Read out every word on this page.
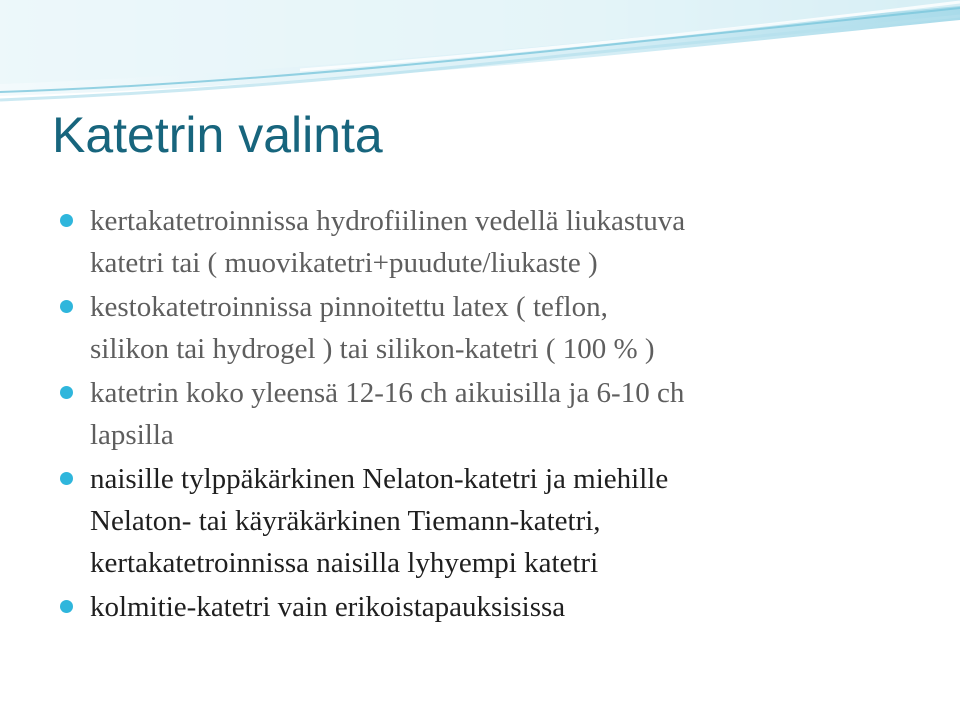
Katetrin valinta
kertakatetroinnissa hydrofiilinen vedellä liukastuva
katetri tai ( muovikatetri+puudute/liukaste )
kestokatetroinnissa pinnoitettu latex ( teflon,
silikon tai hydrogel ) tai silikon-katetri ( 100 % )
katetrin koko yleensä 12-16 ch aikuisilla ja 6-10 ch
lapsilla
naisille tylppäkärkinen Nelaton-katetri ja miehille
Nelaton- tai käyräkärkinen Tiemann-katetri,
kertakatetroinnissa naisilla lyhyempi katetri
kolmitie-katetri vain erikoistapauksisissa
